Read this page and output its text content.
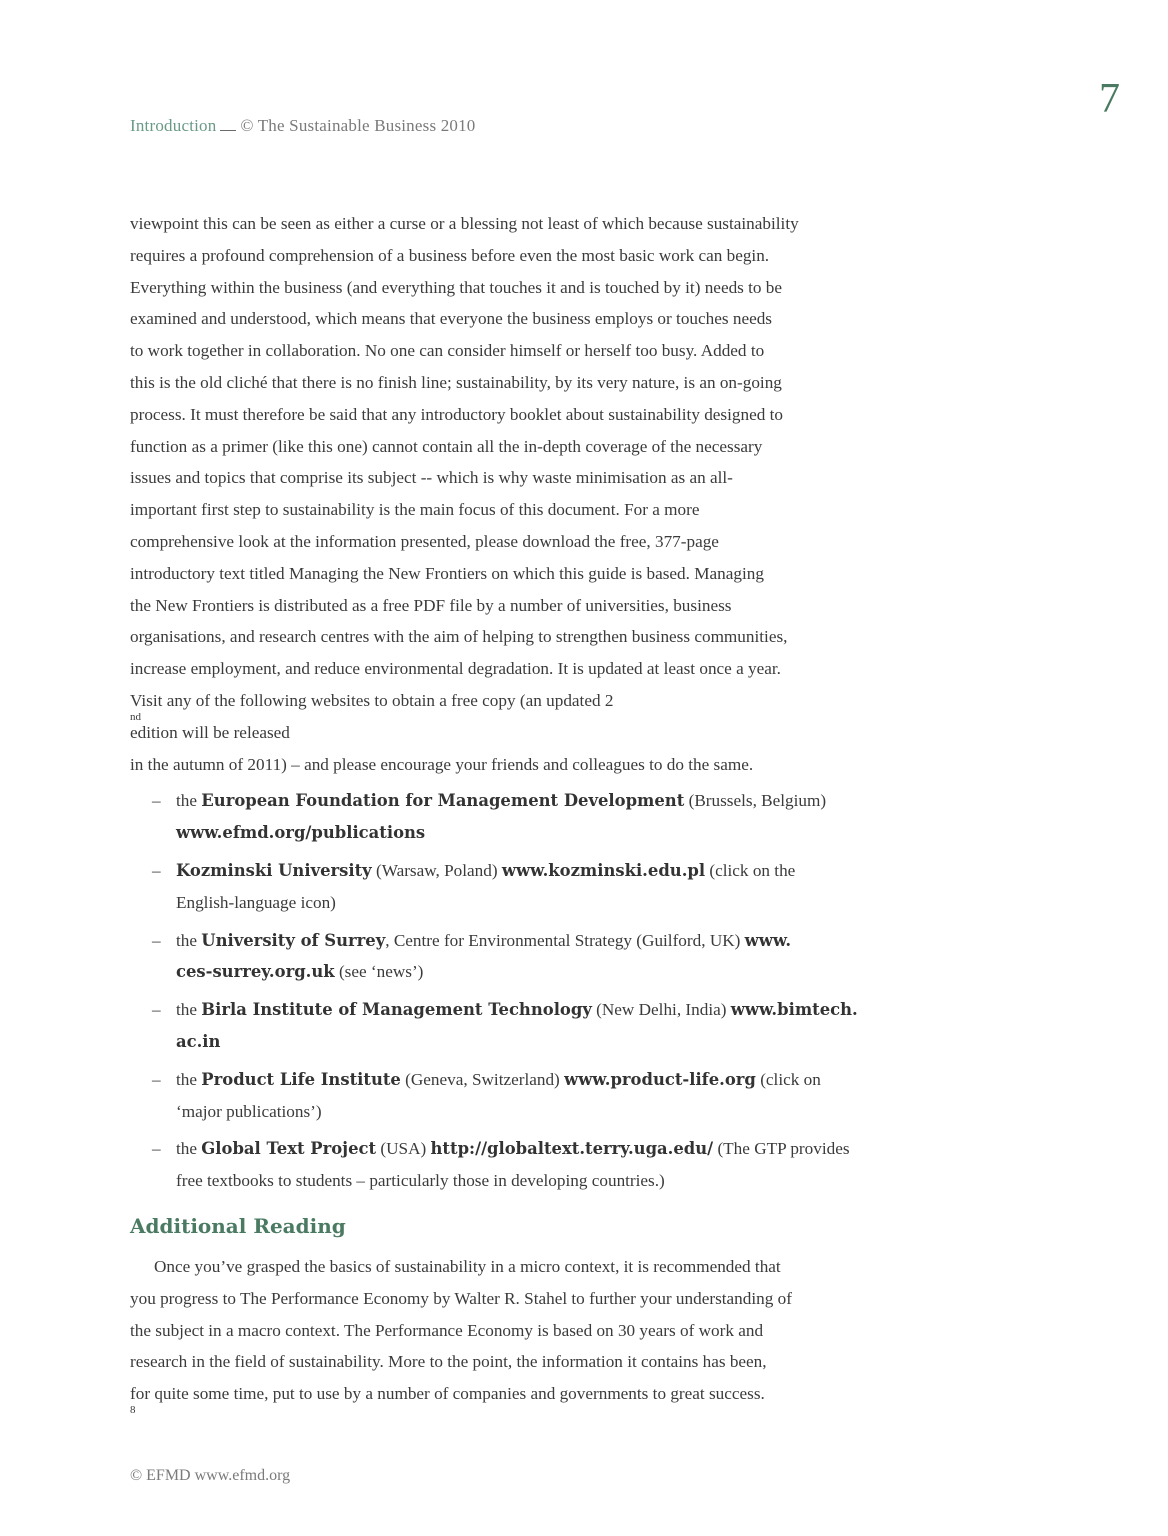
7
Introduction © The Sustainable Business 2010

viewpoint this can be seen as either a curse or a blessing not least of which because sustainability
requires a profound comprehension of a business before even the most basic work can begin.
Everything within the business (and everything that touches it and is touched by it) needs to be
examined and understood, which means that everyone the business employs or touches needs
to work together in collaboration. No one can consider himself or herself too busy. Added to
this is the old cliché that there is no finish line; sustainability, by its very nature, is an on-going
process. It must therefore be said that any introductory booklet about sustainability designed to
function as a primer (like this one) cannot contain all the in-depth coverage of the necessary
issues and topics that comprise its subject -- which is why waste minimisation as an all-
important first step to sustainability is the main focus of this document. For a more
comprehensive look at the information presented, please download the free, 377-page
introductory text titled Managing the New Frontiers on which this guide is based. Managing
the New Frontiers is distributed as a free PDF file by a number of universities, business
organisations, and research centres with the aim of helping to strengthen business communities,
increase employment, and reduce environmental degradation. It is updated at least once a year.
Visit any of the following websites to obtain a free copy (an updated 2
nd
edition will be released
in the autumn of 2011) – and please encourage your friends and colleagues to do the same.

– the European Foundation for Management Development (Brussels, Belgium)
www.efmd.org/publications
– Kozminski University (Warsaw, Poland) www.kozminski.edu.pl (click on the
English-language icon)
– the University of Surrey, Centre for Environmental Strategy (Guilford, UK) www.
ces-surrey.org.uk (see ‘news’)
– the Birla Institute of Management Technology (New Delhi, India) www.bimtech.
ac.in
– the Product Life Institute (Geneva, Switzerland) www.product-life.org (click on
‘major publications’)
– the Global Text Project (USA) http://globaltext.terry.uga.edu/ (The GTP provides
free textbooks to students – particularly those in developing countries.)
Additional Reading

Once you’ve grasped the basics of sustainability in a micro context, it is recommended that
you progress to The Performance Economy by Walter R. Stahel to further your understanding of
the subject in a macro context. The Performance Economy is based on 30 years of work and
research in the field of sustainability. More to the point, the information it contains has been,
for quite some time, put to use by a number of companies and governments to great success.
8

© EFMD www.efmd.org
